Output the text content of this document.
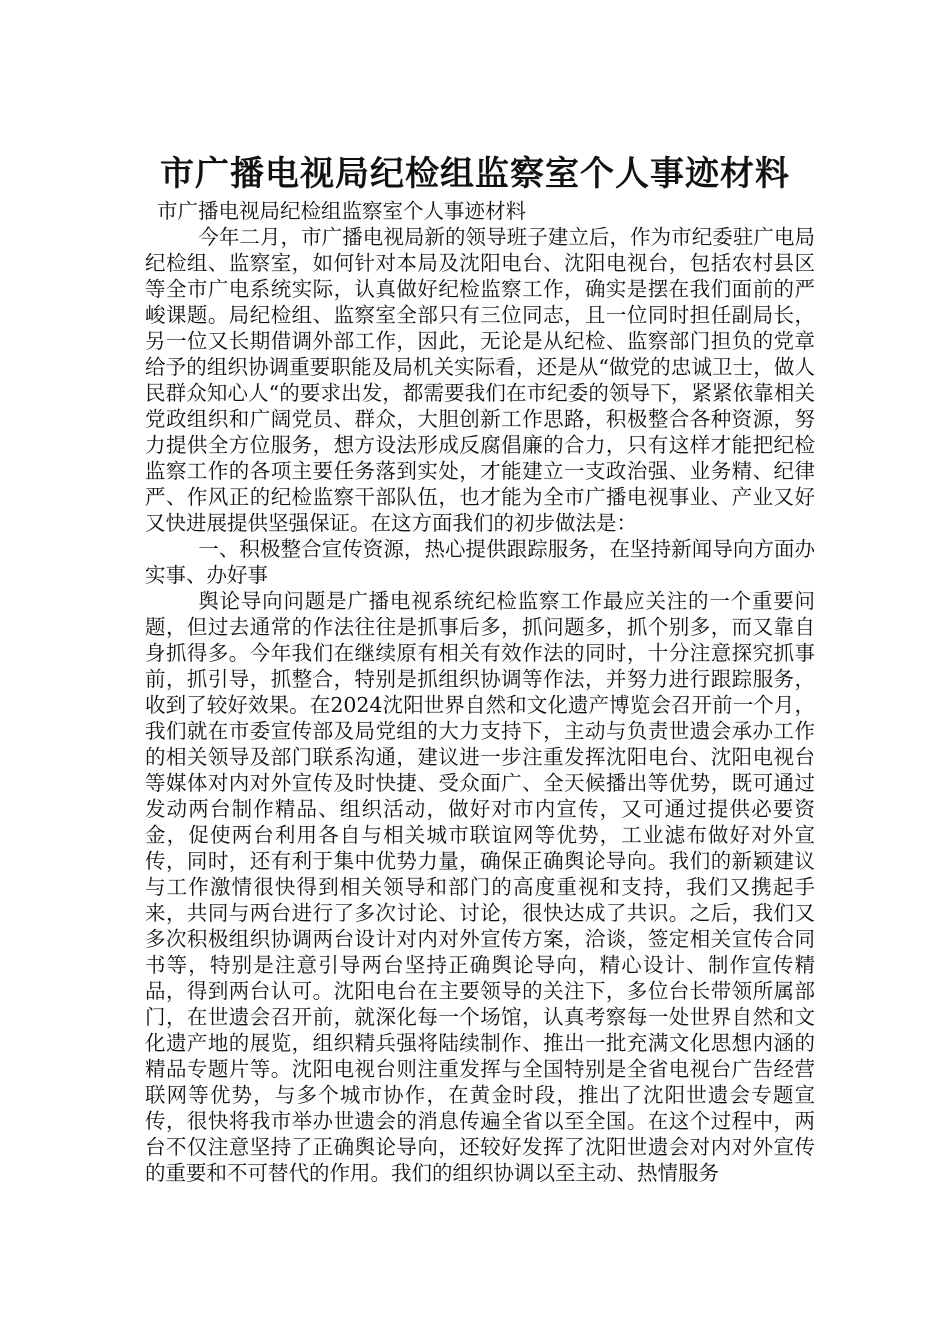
市广播电视局纪检组监察室个人事迹材料

市广播电视局纪检组监察室个人事迹材料

今年二月，市广播电视局新的领导班子建立后，作为市纪委驻广电局纪检组、监察室，如何针对本局及沈阳电台、沈阳电视台，包括农村县区等全市广电系统实际，认真做好纪检监察工作，确实是摆在我们面前的严峻课题。局纪检组、监察室全部只有三位同志，且一位同时担任副局长，另一位又长期借调外部工作，因此，无论是从纪检、监察部门担负的党章给予的组织协调重要职能及局机关实际看，还是从“做党的忠诚卫士，做人民群众知心人“的要求出发，都需要我们在市纪委的领导下，紧紧依靠相关党政组织和广阔党员、群众，大胆创新工作思路，积极整合各种资源，努力提供全方位服务，想方设法形成反腐倡廉的合力，只有这样才能把纪检监察工作的各项主要任务落到实处，才能建立一支政治强、业务精、纪律严、作风正的纪检监察干部队伍，也才能为全市广播电视事业、产业又好又快进展提供坚强保证。在这方面我们的初步做法是：

一、积极整合宣传资源，热心提供跟踪服务，在坚持新闻导向方面办实事、办好事

舆论导向问题是广播电视系统纪检监察工作最应关注的一个重要问题，但过去通常的作法往往是抓事后多，抓问题多，抓个别多，而又靠自身抓得多。今年我们在继续原有相关有效作法的同时，十分注意探究抓事前，抓引导，抓整合，特别是抓组织协调等作法，并努力进行跟踪服务，收到了较好效果。在2024沈阳世界自然和文化遗产博览会召开前一个月，我们就在市委宣传部及局党组的大力支持下，主动与负责世遗会承办工作的相关领导及部门联系沟通，建议进一步注重发挥沈阳电台、沈阳电视台等媒体对内对外宣传及时快捷、受众面广、全天候播出等优势，既可通过发动两台制作精品、组织活动，做好对市内宣传，又可通过提供必要资金，促使两台利用各自与相关城市联谊网等优势，工业滤布做好对外宣传，同时，还有利于集中优势力量，确保正确舆论导向。我们的新颖建议与工作激情很快得到相关领导和部门的高度重视和支持，我们又携起手来，共同与两台进行了多次讨论、讨论，很快达成了共识。之后，我们又多次积极组织协调两台设计对内对外宣传方案，洽谈，签定相关宣传合同书等，特别是注意引导两台坚持正确舆论导向，精心设计、制作宣传精品，得到两台认可。沈阳电台在主要领导的关注下，多位台长带领所属部门，在世遗会召开前，就深化每一个场馆，认真考察每一处世界自然和文化遗产地的展览，组织精兵强将陆续制作、推出一批充满文化思想内涵的精品专题片等。沈阳电视台则注重发挥与全国特别是全省电视台广告经营联网等优势，与多个城市协作，在黄金时段，推出了沈阳世遗会专题宣传，很快将我市举办世遗会的消息传遍全省以至全国。在这个过程中，两台不仅注意坚持了正确舆论导向，还较好发挥了沈阳世遗会对内对外宣传的重要和不可替代的作用。我们的组织协调以至主动、热情服务
